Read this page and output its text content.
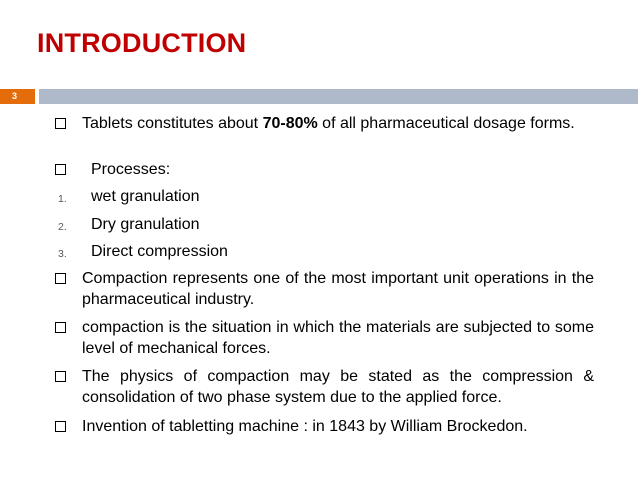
INTRODUCTION
3
Tablets constitutes about 70-80% of all pharmaceutical dosage forms.
Processes:
1. wet granulation
2. Dry granulation
3. Direct compression
Compaction represents one of the most important unit operations in the pharmaceutical industry.
compaction is the situation in which the materials are subjected to some level of mechanical forces.
The physics of compaction may be stated as the compression & consolidation of two phase system due to the applied force.
Invention of tabletting machine : in 1843 by William Brockedon.
